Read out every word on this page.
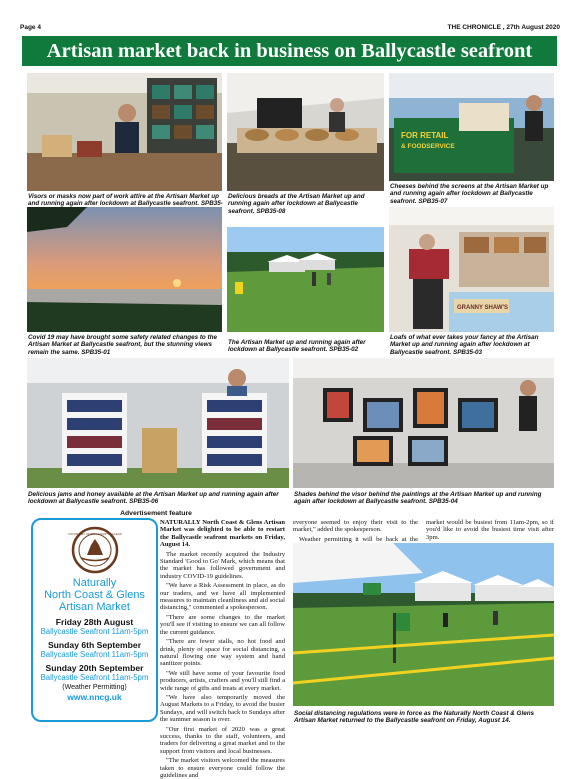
Page 4	THE CHRONICLE , 27th August 2020
Artisan market back in business on Ballycastle seafront
FOR RETAIL
& FOODSERVICE
Visors or masks now part of work attire at the Artisan Market up and running again after lockdown at Ballycastle seafront. SPB35-
Delicious breads at the Artisan Market up and running again after lockdown at Ballycastle seafront. SPB35-08
Cheeses behind the screens at the Artisan Market up and running again after lockdown at Ballycastle seafront. SPB35-07
GRANNY SHAW'S
Covid 19 may have brought some safety related changes to the Artisan Market at Ballycastle seafront, but the stunning views remain the same. SPB35-01
The Artisan Market up and running again after lockdown at Ballycastle seafront. SPB35-02
Loafs of what ever takes your fancy at the Artisan Market up and running again after lockdown at Ballycastle seafront. SPB35-03
Delicious jams and honey available at the Artisan Market up and running again after lockdown at Ballycastle seafront. SPB35-06
Shades behind the visor behind the paintings at the Artisan Market up and running again after lockdown at Ballycastle seafront. SPB35-04
Advertisement feature
NATURALLY NORTH COAST & GLENS
Naturally
North Coast & Glens
Artisan Market
Friday 28th August
Ballycastle Seafront 11am-5pm
Sunday 6th September
Ballycastle Seafront 11am-5pm
Sunday 20th September
Ballycastle Seafront 11am-5pm
(Weather Permitting)
www.nncg.uk

NATURALLY North Coast & Glens Artisan Market was delighted to be able to restart the Ballycastle seafront markets on Friday, August 14.

The market recently acquired the Industry Standard 'Good to Go' Mark, which means that the market has followed government and industry COVID-19 guidelines.

"We have a Risk Assessment in place, as do our traders, and we have all implemented measures to maintain cleanliness and aid social distancing," commented a spokesperson.

"There are some changes to the market you'll see if visiting to ensure we can all follow the current guidance.

"There are fewer stalls, no hot food and drink, plenty of space for social distancing, a natural flowing one way system and hand sanitizer points.

"We still have some of your favourite food producers, artists, crafters and you'll still find a wide range of gifts and treats at every market.

"We have also temporarily moved the August Markets to a Friday, to avoid the busier Sundays, and will switch back to Sundays after the summer season is over.

"Our first market of 2020 was a great success, thanks to the staff, volunteers, and traders for delivering a great market and to the support from visitors and local businesses.

"The market visitors welcomed the measures taken to ensure everyone could follow the guidelines and

everyone seemed to enjoy their visit to the market," added the spokesperson.

Weather permitting it will be back at the

market would be busiest from 11am-2pm, so if you'd like to avoid the busiest time visit after 3pm.

Social distancing regulations were in force as the Naturally North Coast & Glens Artisan Market returned to the Ballycastle seafront on Friday, August 14.
